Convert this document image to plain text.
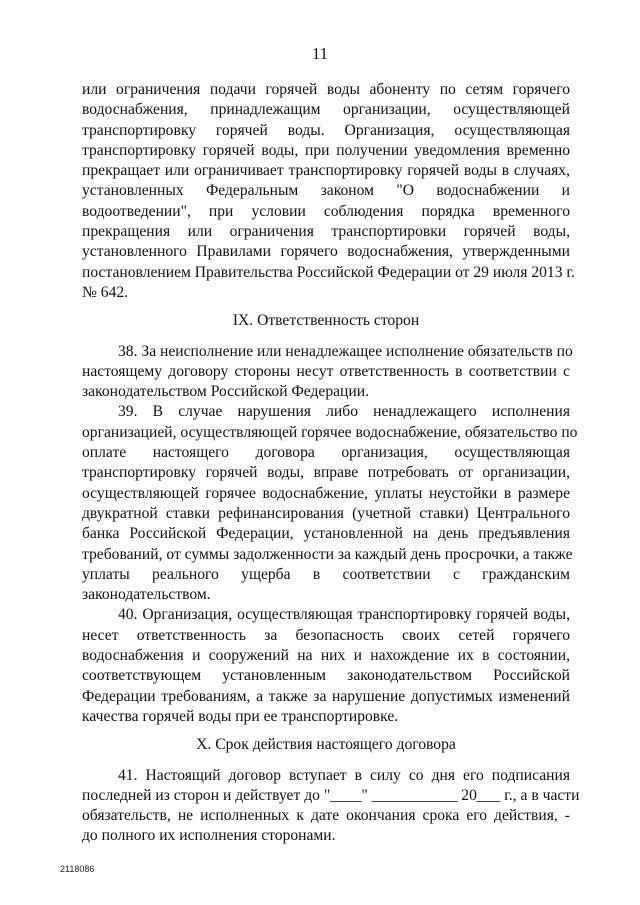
11
или ограничения подачи горячей воды абоненту по сетям горячего
водоснабжения, принадлежащим организации, осуществляющей
транспортировку горячей воды. Организация, осуществляющая
транспортировку горячей воды, при получении уведомления временно
прекращает или ограничивает транспортировку горячей воды в случаях,
установленных Федеральным законом "О водоснабжении и
водоотведении", при условии соблюдения порядка временного
прекращения или ограничения транспортировки горячей воды,
установленного Правилами горячего водоснабжения, утвержденными
постановлением Правительства Российской Федерации от 29 июля 2013 г.
№ 642.
IX. Ответственность сторон
38. За неисполнение или ненадлежащее исполнение обязательств по
настоящему договору стороны несут ответственность в соответствии с
законодательством Российской Федерации.
39. В случае нарушения либо ненадлежащего исполнения
организацией, осуществляющей горячее водоснабжение, обязательство по
оплате настоящего договора организация, осуществляющая
транспортировку горячей воды, вправе потребовать от организации,
осуществляющей горячее водоснабжение, уплаты неустойки в размере
двукратной ставки рефинансирования (учетной ставки) Центрального
банка Российской Федерации, установленной на день предъявления
требований, от суммы задолженности за каждый день просрочки, а также
уплаты реального ущерба в соответствии с гражданским
законодательством.
40. Организация, осуществляющая транспортировку горячей воды,
несет ответственность за безопасность своих сетей горячего
водоснабжения и сооружений на них и нахождение их в состоянии,
соответствующем установленным законодательством Российской
Федерации требованиям, а также за нарушение допустимых изменений
качества горячей воды при ее транспортировке.
X. Срок действия настоящего договора
41. Настоящий договор вступает в силу со дня его подписания
последней из сторон и действует до "____" ___________ 20___ г., а в части
обязательств, не исполненных к дате окончания срока его действия, -
до полного их исполнения сторонами.
2118086
